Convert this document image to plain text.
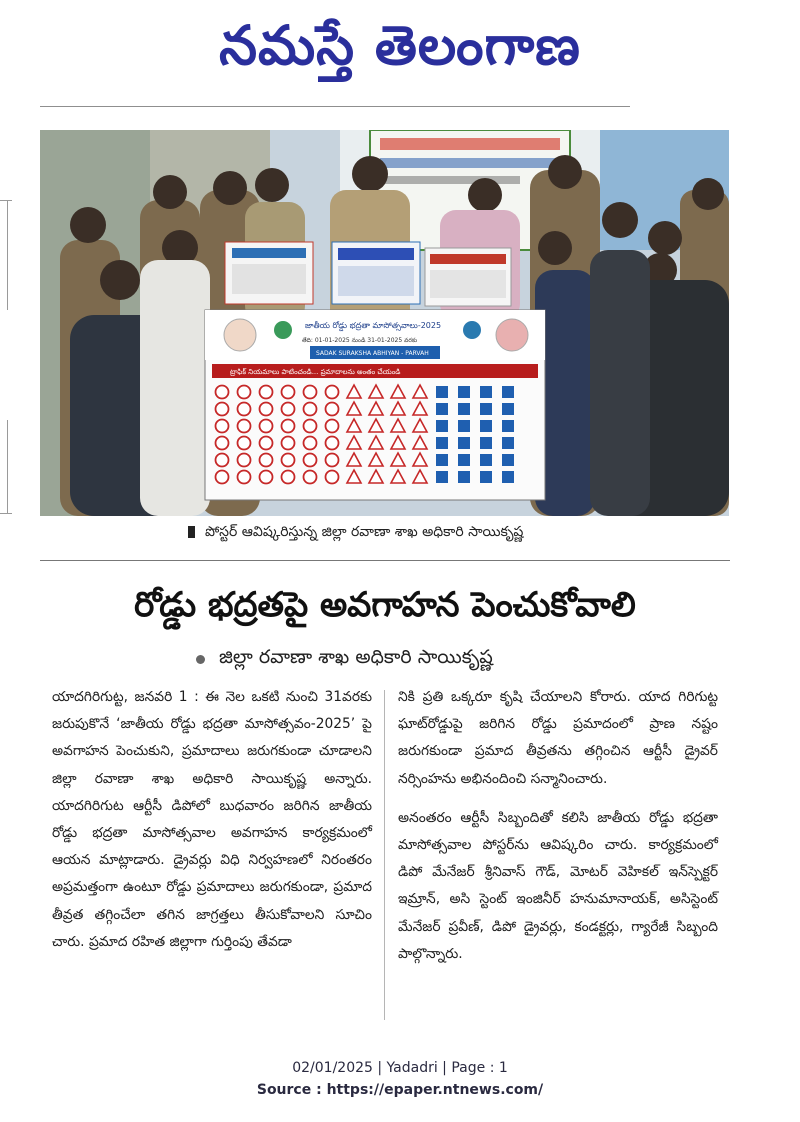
నమస్తే తెలంగాణ
జాతీయ రోడ్డు భద్రతా మాసోత్సవాలు-2025
తేది: 01-01-2025 నుండి 31-01-2025 వరకు
SADAK SURAKSHA ABHIYAN - PARVAH
ట్రాఫిక్ నియమాలు పాటించండి... ప్రమాదాలను అంతం చేయండి
పోస్టర్ ఆవిష్కరిస్తున్న జిల్లా రవాణా శాఖ అధికారి సాయికృష్ణ
రోడ్డు భద్రతపై అవగాహన పెంచుకోవాలి
జిల్లా రవాణా శాఖ అధికారి సాయికృష్ణ

యాదగిరిగుట్ట, జనవరి 1 : ఈ నెల ఒకటి నుంచి 31వరకు జరుపుకొనే ‘జాతీయ రోడ్డు భద్రతా మాసోత్సవం-2025’ పై అవగాహన పెంచుకుని, ప్రమాదాలు జరుగకుండా చూడాలని జిల్లా రవాణా శాఖ అధికారి సాయికృష్ణ అన్నారు. యాదగిరిగుట ఆర్టీసీ డిపోలో బుధవారం జరిగిన జాతీయ రోడ్డు భద్రతా మాసోత్సవాల అవగాహన కార్యక్రమంలో ఆయన మాట్లాడారు. డ్రైవర్లు విధి నిర్వహణలో నిరంతరం అప్రమత్తంగా ఉంటూ రోడ్డు ప్రమాదాలు జరుగకుండా, ప్రమాద తీవ్రత తగ్గించేలా తగిన జాగ్రత్తలు తీసుకోవాలని సూచిం చారు. ప్రమాద రహిత జిల్లాగా గుర్తింపు తేవడా

నికి ప్రతి ఒక్కరూ కృషి చేయాలని కోరారు. యాద గిరిగుట్ట ఘాట్‌రోడ్డుపై జరిగిన రోడ్డు ప్రమాదంలో ప్రాణ నష్టం జరుగకుండా ప్రమాద తీవ్రతను తగ్గించిన ఆర్టీసీ డ్రైవర్ నర్సింహను అభినందించి సన్మానించారు.

అనంతరం ఆర్టీసీ సిబ్బందితో కలిసి జాతీయ రోడ్డు భద్రతా మాసోత్సవాల పోస్టర్‌ను ఆవిష్కరిం చారు. కార్యక్రమంలో డిపో మేనేజర్ శ్రీనివాస్ గౌడ్, మోటర్ వెహికల్ ఇన్‌స్పెక్టర్ ఇమ్రాన్, అసి స్టెంట్ ఇంజినీర్ హనుమానాయక్, అసిస్టెంట్ మేనేజర్ ప్రవీణ్, డిపో డ్రైవర్లు, కండక్టర్లు, గ్యారేజీ సిబ్బంది పాల్గొన్నారు.

02/01/2025 | Yadadri | Page : 1
Source : https://epaper.ntnews.com/
